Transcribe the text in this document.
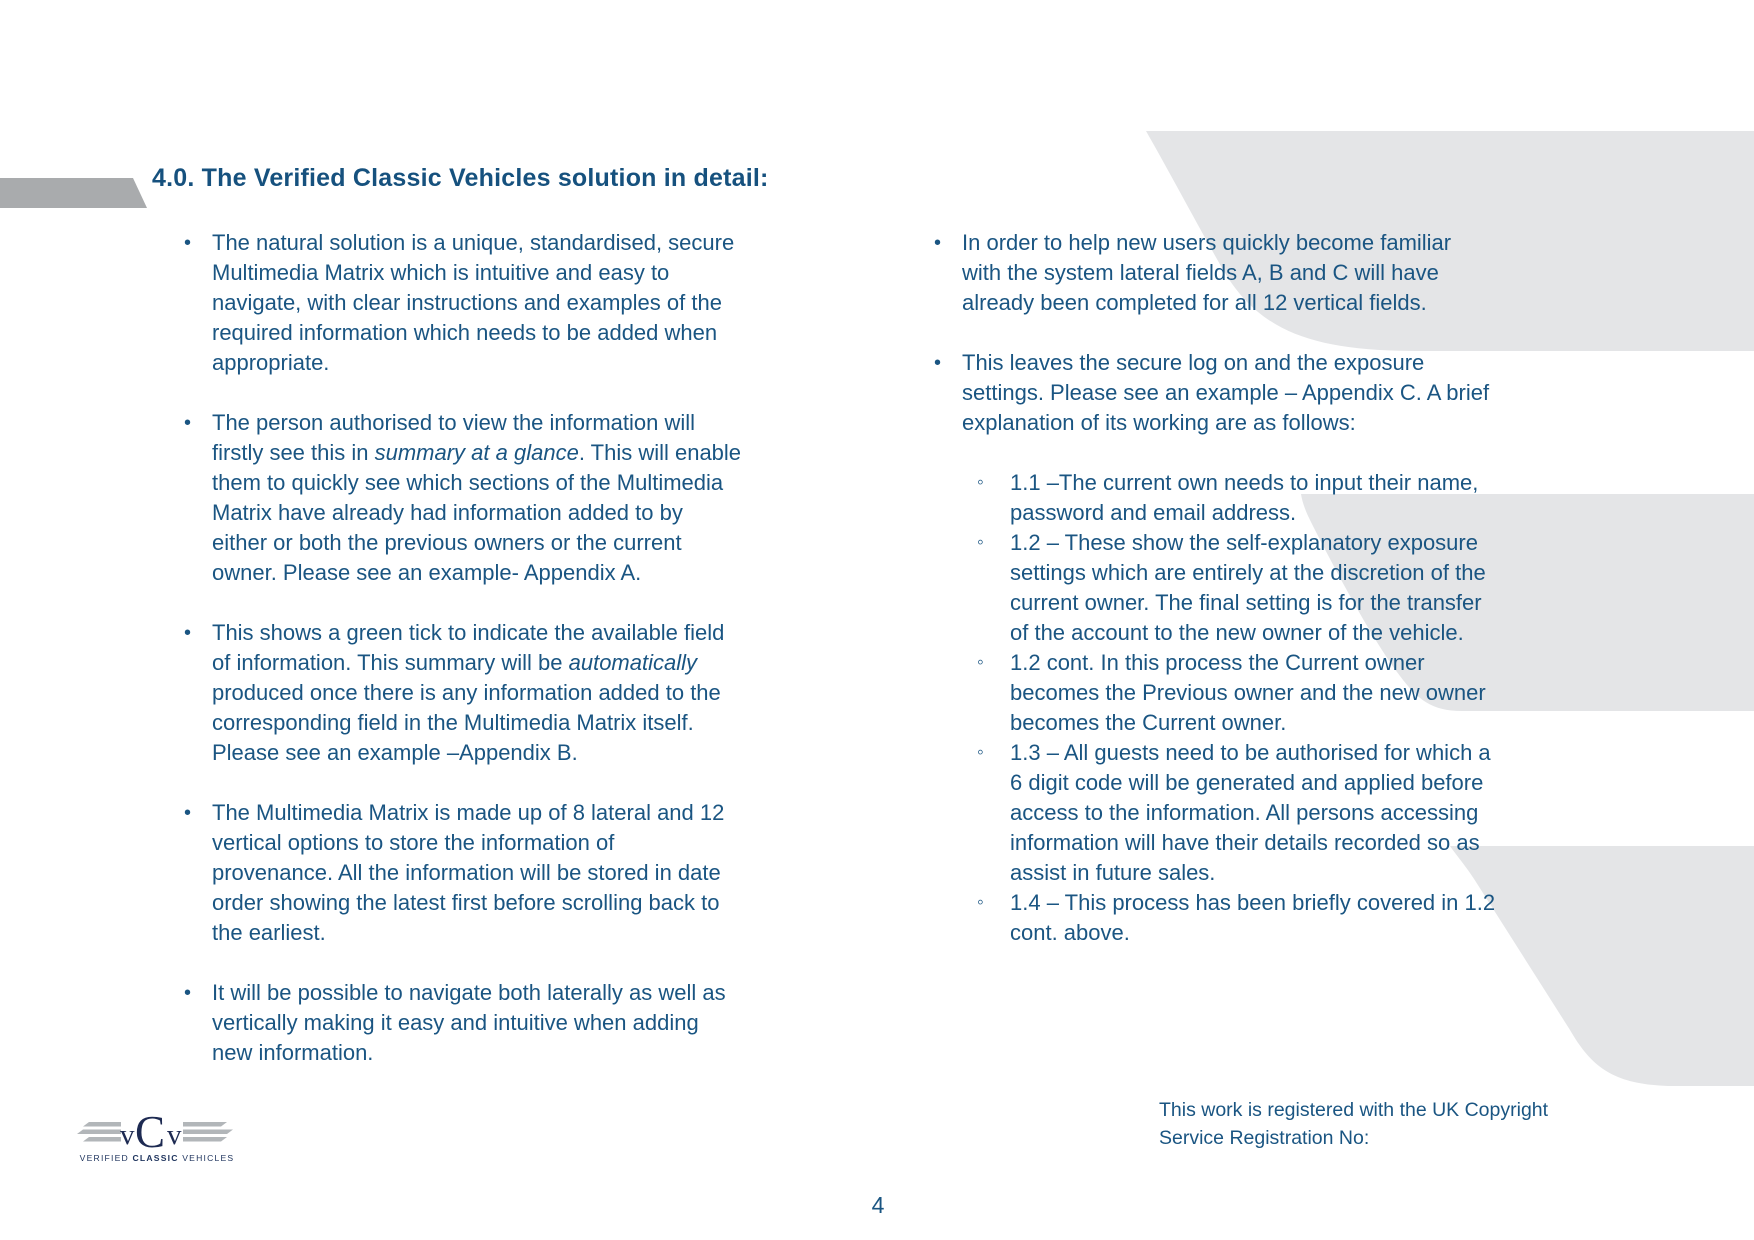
4.0. The Verified Classic Vehicles solution in detail:
• The natural solution is a unique, standardised, secure
Multimedia Matrix which is intuitive and easy to
navigate, with clear instructions and examples of the
required information which needs to be added when
appropriate.
• The person authorised to view the information will
firstly see this in summary at a glance. This will enable
them to quickly see which sections of the Multimedia
Matrix have already had information added to by
either or both the previous owners or the current
owner. Please see an example- Appendix A.
• This shows a green tick to indicate the available field
of information. This summary will be automatically
produced once there is any information added to the
corresponding field in the Multimedia Matrix itself.
Please see an example –Appendix B.
• The Multimedia Matrix is made up of 8 lateral and 12
vertical options to store the information of
provenance. All the information will be stored in date
order showing the latest first before scrolling back to
the earliest.
• It will be possible to navigate both laterally as well as
vertically making it easy and intuitive when adding
new information.
• In order to help new users quickly become familiar
with the system lateral fields A, B and C will have
already been completed for all 12 vertical fields.
• This leaves the secure log on and the exposure
settings. Please see an example – Appendix C. A brief
explanation of its working are as follows:
◦	1.1 –The current own needs to input their name,
password and email address.
◦	1.2 – These show the self-explanatory exposure
settings which are entirely at the discretion of the
current owner. The final setting is for the transfer
of the account to the new owner of the vehicle.
◦	1.2 cont. In this process the Current owner
becomes the Previous owner and the new owner
becomes the Current owner.
◦	1.3 – All guests need to be authorised for which a
6 digit code will be generated and applied before
access to the information. All persons accessing
information will have their details recorded so as
assist in future sales.
◦	1.4 – This process has been briefly covered in 1.2
cont. above.
v C v
VERIFIED CLASSIC VEHICLES
This work is registered with the UK Copyright
Service Registration No:
4
